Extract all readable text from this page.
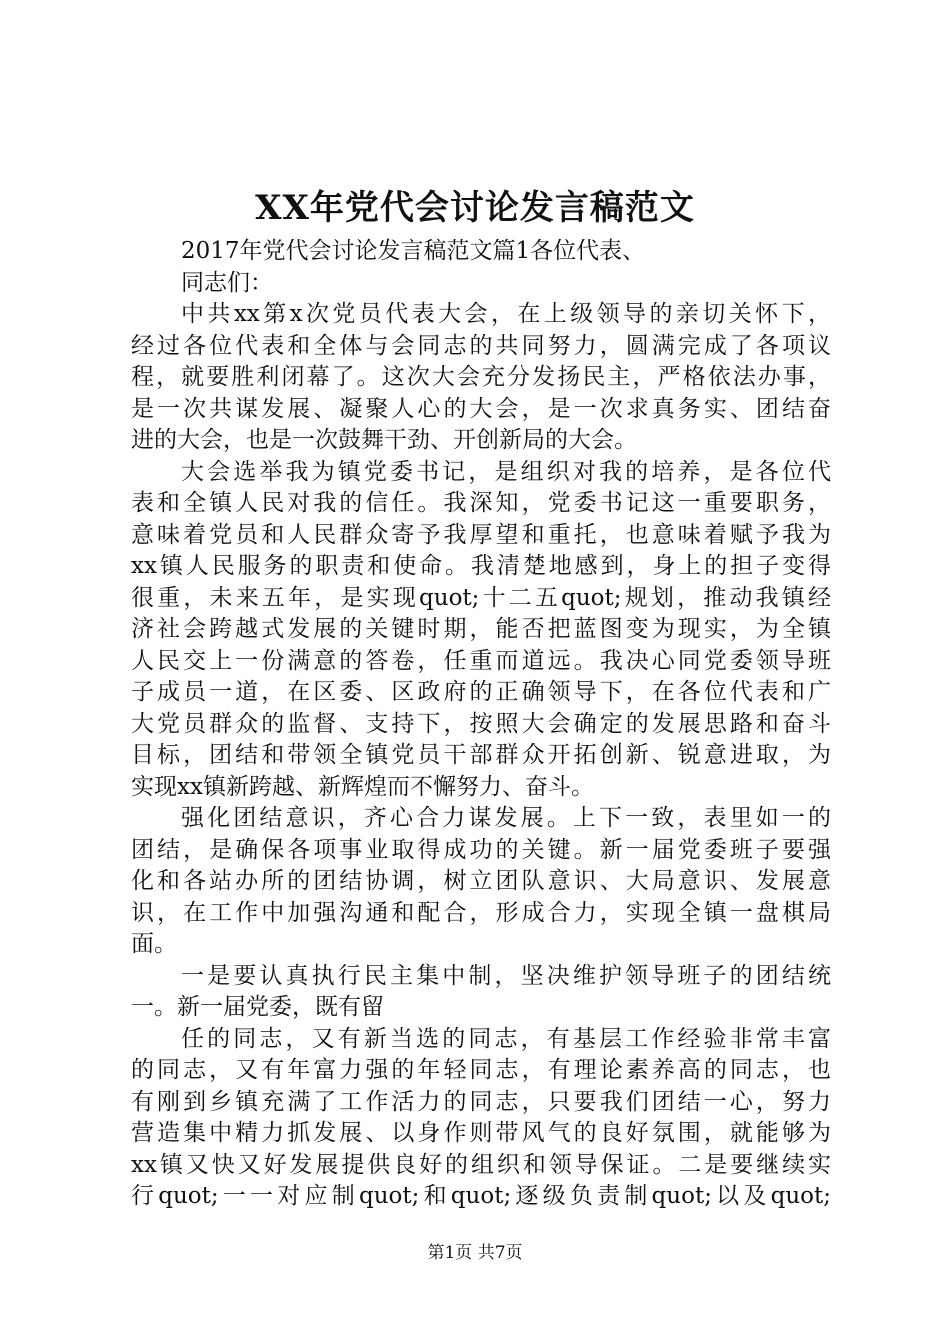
XX年党代会讨论发言稿范文
2017年党代会讨论发言稿范文篇1各位代表、
同志们：
中共xx第x次党员代表大会，在上级领导的亲切关怀下，
经过各位代表和全体与会同志的共同努力，圆满完成了各项议
程，就要胜利闭幕了。这次大会充分发扬民主，严格依法办事，
是一次共谋发展、凝聚人心的大会，是一次求真务实、团结奋
进的大会，也是一次鼓舞干劲、开创新局的大会。
大会选举我为镇党委书记，是组织对我的培养，是各位代
表和全镇人民对我的信任。我深知，党委书记这一重要职务，
意味着党员和人民群众寄予我厚望和重托，也意味着赋予我为
xx镇人民服务的职责和使命。我清楚地感到，身上的担子变得
很重，未来五年，是实现quot;十二五quot;规划，推动我镇经
济社会跨越式发展的关键时期，能否把蓝图变为现实，为全镇
人民交上一份满意的答卷，任重而道远。我决心同党委领导班
子成员一道，在区委、区政府的正确领导下，在各位代表和广
大党员群众的监督、支持下，按照大会确定的发展思路和奋斗
目标，团结和带领全镇党员干部群众开拓创新、锐意进取，为
实现xx镇新跨越、新辉煌而不懈努力、奋斗。
强化团结意识，齐心合力谋发展。上下一致，表里如一的
团结，是确保各项事业取得成功的关键。新一届党委班子要强
化和各站办所的团结协调，树立团队意识、大局意识、发展意
识，在工作中加强沟通和配合，形成合力，实现全镇一盘棋局
面。
一是要认真执行民主集中制，坚决维护领导班子的团结统
一。新一届党委，既有留
任的同志，又有新当选的同志，有基层工作经验非常丰富
的同志，又有年富力强的年轻同志，有理论素养高的同志，也
有刚到乡镇充满了工作活力的同志，只要我们团结一心，努力
营造集中精力抓发展、以身作则带风气的良好氛围，就能够为
xx镇又快又好发展提供良好的组织和领导保证。二是要继续实
行quot;一一对应制quot;和quot;逐级负责制quot;以及quot;
第1页 共7页
